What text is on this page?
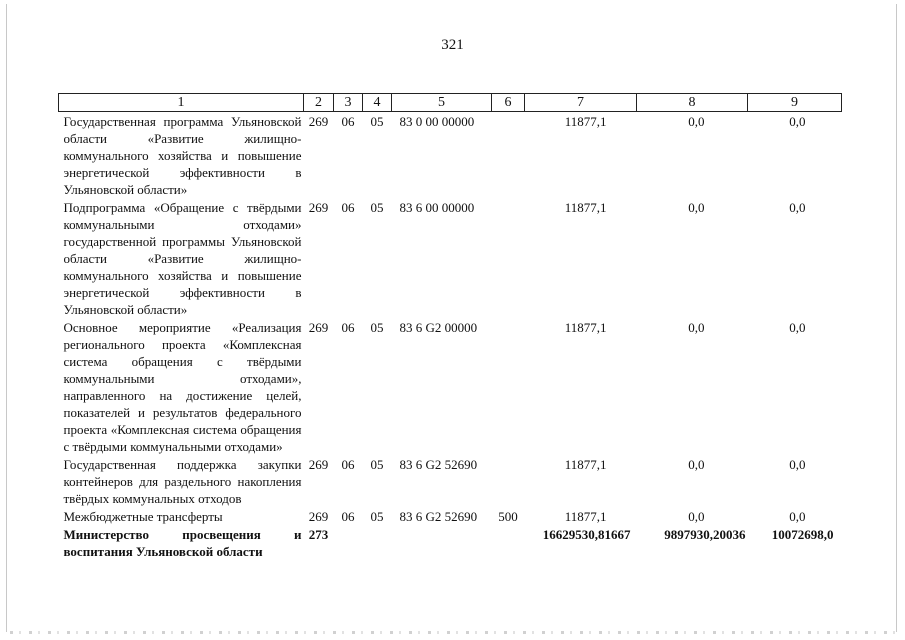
321
1	2	3	4	5	6	7	8	9
Государственная программа Ульяновской области «Развитие жилищно-коммунального хозяйства и повышение энергетической эффективности в Ульяновской области»	269	06	05	83 0 00 00000		11877,1	0,0	0,0
Подпрограмма «Обращение с твёрдыми коммунальными отходами» государственной программы Ульяновской области «Развитие жилищно-коммунального хозяйства и повышение энергетической эффективности в Ульяновской области»	269	06	05	83 6 00 00000		11877,1	0,0	0,0
Основное мероприятие «Реализация регионального проекта «Комплексная система обращения с твёрдыми коммунальными отходами», направленного на достижение целей, показателей и результатов федерального проекта «Комплексная система обращения с твёрдыми коммунальными отходами»	269	06	05	83 6 G2 00000		11877,1	0,0	0,0
Государственная поддержка закупки контейнеров для раздельного накопления твёрдых коммунальных отходов	269	06	05	83 6 G2 52690		11877,1	0,0	0,0
Межбюджетные трансферты	269	06	05	83 6 G2 52690	500	11877,1	0,0	0,0
Министерство просвещения и воспитания Ульяновской области	273					16629530,81667	9897930,20036	10072698,0
